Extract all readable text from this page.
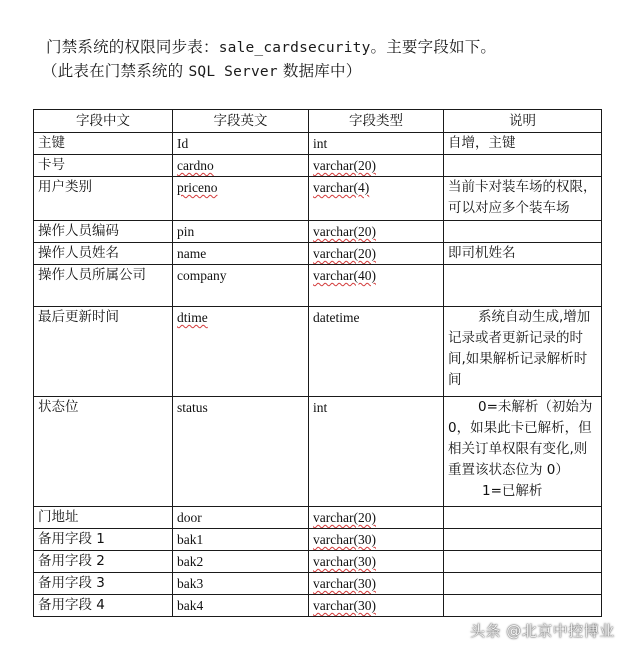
门禁系统的权限同步表：sale_cardsecurity。主要字段如下。
（此表在门禁系统的 SQL Server 数据库中）
字段中文	字段英文	字段类型	说明
主键	Id	int	自增，主键

卡号	cardno	varchar(20)	
用户类别	priceno	varchar(4)	当前卡对装车场的权限，
可以对应多个装车场

操作人员编码	pin	varchar(20)	
操作人员姓名	name	varchar(20)	即司机姓名

操作人员所属公司	company	varchar(40)	
最后更新时间	dtime	datetime	系统自动生成,增加
记录或者更新记录的时
间,如果解析记录解析时
间

状态位	status	int	0=未解析（初始为
0，如果此卡已解析，但
相关订单权限有变化,则
重置该状态位为 0）
1=已解析

门地址	door	varchar(20)	
备用字段 1	bak1	varchar(30)	
备用字段 2	bak2	varchar(30)	
备用字段 3	bak3	varchar(30)	
备用字段 4	bak4	varchar(30)	
头条 @北京中控博业
